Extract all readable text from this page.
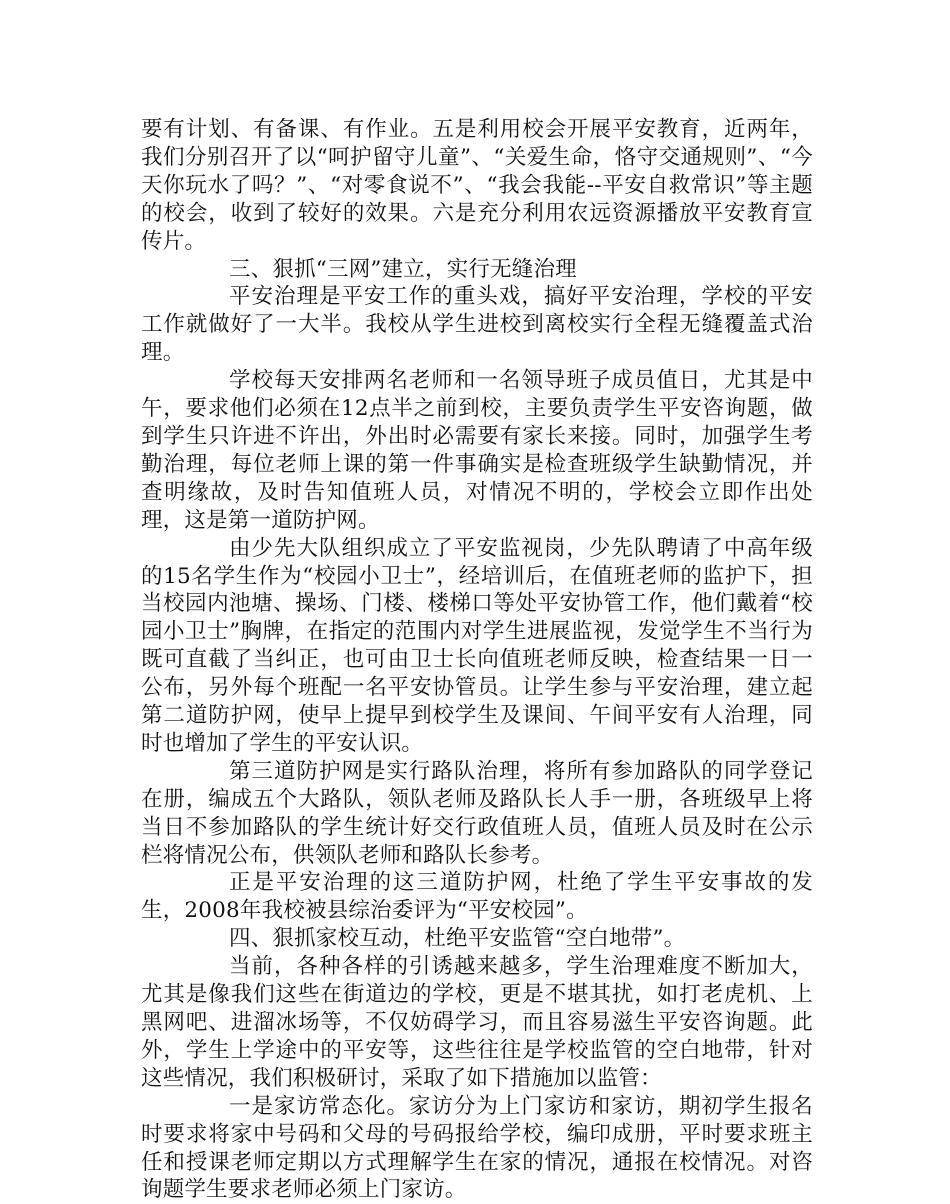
要有计划、有备课、有作业。五是利用校会开展平安教育，近两年，我们分别召开了以“呵护留守儿童”、“关爱生命，恪守交通规则”、“今天你玩水了吗？”、“对零食说不”、“我会我能--平安自救常识”等主题的校会，收到了较好的效果。六是充分利用农远资源播放平安教育宣传片。

三、狠抓“三网”建立，实行无缝治理

平安治理是平安工作的重头戏，搞好平安治理，学校的平安工作就做好了一大半。我校从学生进校到离校实行全程无缝覆盖式治理。

学校每天安排两名老师和一名领导班子成员值日，尤其是中午，要求他们必须在12点半之前到校，主要负责学生平安咨询题，做到学生只许进不许出，外出时必需要有家长来接。同时，加强学生考勤治理，每位老师上课的第一件事确实是检查班级学生缺勤情况，并查明缘故，及时告知值班人员，对情况不明的，学校会立即作出处理，这是第一道防护网。

由少先大队组织成立了平安监视岗，少先队聘请了中高年级的15名学生作为“校园小卫士”，经培训后，在值班老师的监护下，担当校园内池塘、操场、门楼、楼梯口等处平安协管工作，他们戴着“校园小卫士”胸牌，在指定的范围内对学生进展监视，发觉学生不当行为既可直截了当纠正，也可由卫士长向值班老师反映，检查结果一日一公布，另外每个班配一名平安协管员。让学生参与平安治理，建立起第二道防护网，使早上提早到校学生及课间、午间平安有人治理，同时也增加了学生的平安认识。

第三道防护网是实行路队治理，将所有参加路队的同学登记在册，编成五个大路队，领队老师及路队长人手一册，各班级早上将当日不参加路队的学生统计好交行政值班人员，值班人员及时在公示栏将情况公布，供领队老师和路队长参考。

正是平安治理的这三道防护网，杜绝了学生平安事故的发生，2008年我校被县综治委评为“平安校园”。

四、狠抓家校互动，杜绝平安监管“空白地带”。

当前，各种各样的引诱越来越多，学生治理难度不断加大，尤其是像我们这些在街道边的学校，更是不堪其扰，如打老虎机、上黑网吧、进溜冰场等，不仅妨碍学习，而且容易滋生平安咨询题。此外，学生上学途中的平安等，这些往往是学校监管的空白地带，针对这些情况，我们积极研讨，采取了如下措施加以监管：

一是家访常态化。家访分为上门家访和家访，期初学生报名时要求将家中号码和父母的号码报给学校，编印成册，平时要求班主任和授课老师定期以方式理解学生在家的情况，通报在校情况。对咨询题学生要求老师必须上门家访。
